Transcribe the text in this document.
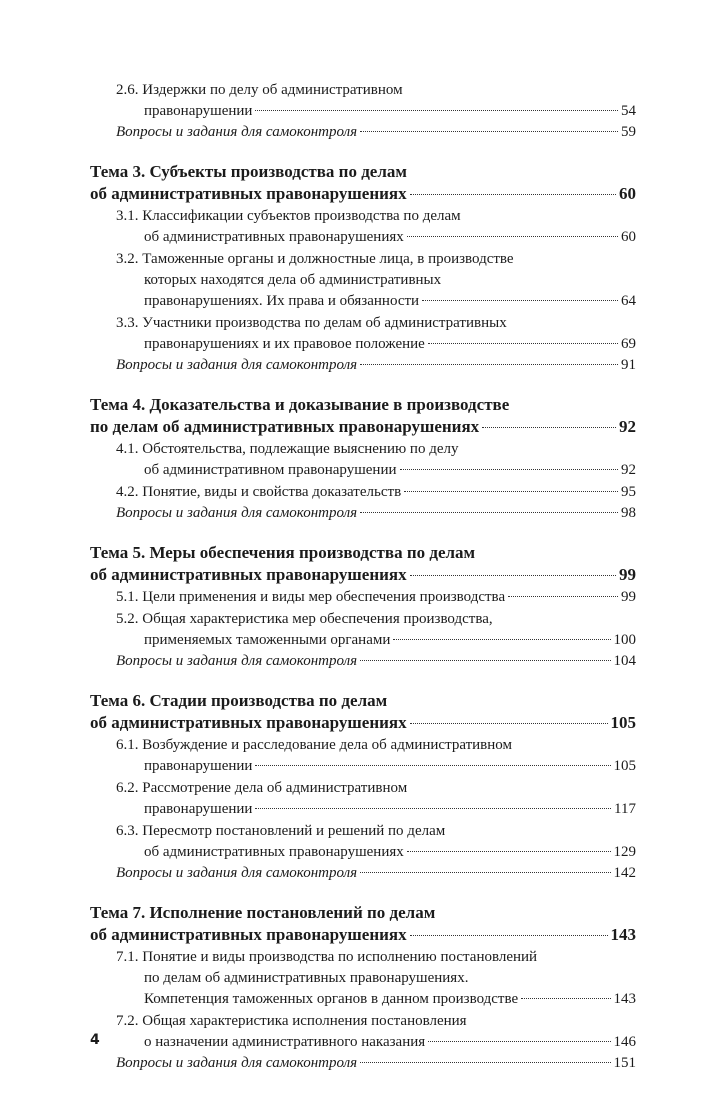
2.6. Издержки по делу об административном
правонарушении	54
Вопросы и задания для самоконтроля	59
Тема 3. Субъекты производства по делам
об административных правонарушениях	60
3.1. Классификации субъектов производства по делам
об административных правонарушениях	60
3.2. Таможенные органы и должностные лица, в производстве
которых находятся дела об административных
правонарушениях. Их права и обязанности	64
3.3. Участники производства по делам об административных
правонарушениях и их правовое положение	69
Вопросы и задания для самоконтроля	91
Тема 4. Доказательства и доказывание в производстве
по делам об административных правонарушениях	92
4.1. Обстоятельства, подлежащие выяснению по делу
об административном правонарушении	92
4.2. Понятие, виды и свойства доказательств	95
Вопросы и задания для самоконтроля	98
Тема 5. Меры обеспечения производства по делам
об административных правонарушениях	99
5.1. Цели применения и виды мер обеспечения производства	99
5.2. Общая характеристика мер обеспечения производства,
применяемых таможенными органами	100
Вопросы и задания для самоконтроля	104
Тема 6. Стадии производства по делам
об административных правонарушениях	105
6.1. Возбуждение и расследование дела об административном
правонарушении	105
6.2. Рассмотрение дела об административном
правонарушении	117
6.3. Пересмотр постановлений и решений по делам
об административных правонарушениях	129
Вопросы и задания для самоконтроля	142
Тема 7. Исполнение постановлений по делам
об административных правонарушениях	143
7.1. Понятие и виды производства по исполнению постановлений
по делам об административных правонарушениях.
Компетенция таможенных органов в данном производстве	143
7.2. Общая характеристика исполнения постановления
о назначении административного наказания	146
Вопросы и задания для самоконтроля	151
4
